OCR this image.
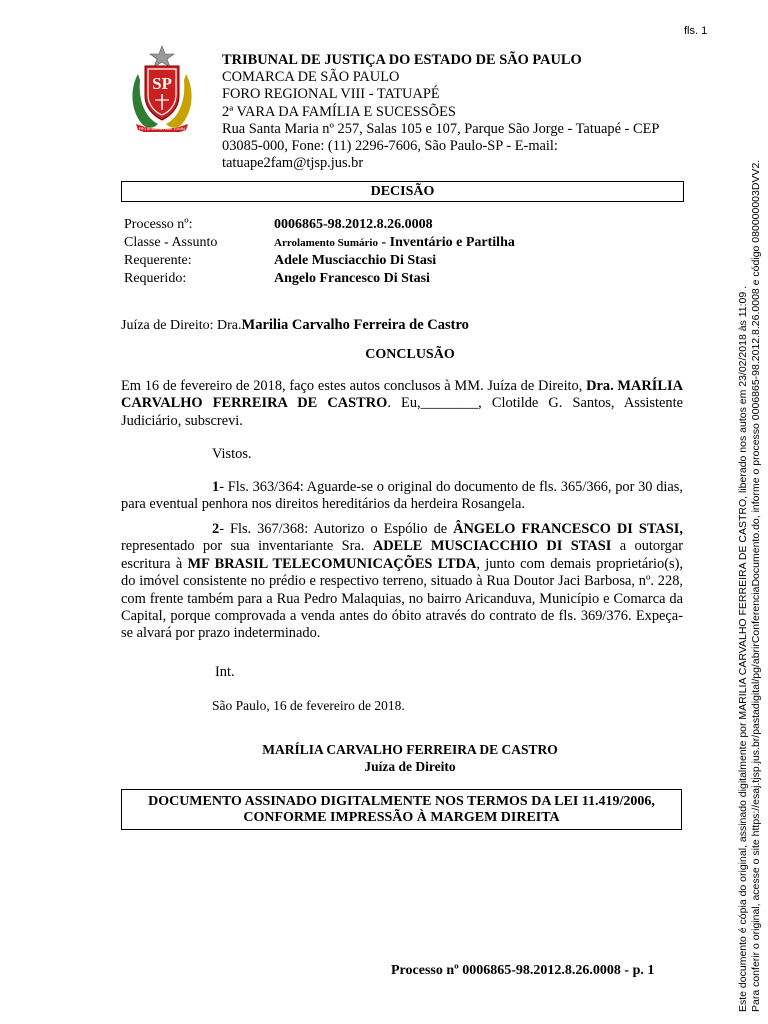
fls. 1
SP
PRO BRASILIA FIANT EXIMIA
TRIBUNAL DE JUSTIÇA DO ESTADO DE SÃO PAULO
COMARCA DE SÃO PAULO
FORO REGIONAL VIII - TATUAPÉ
2ª VARA DA FAMÍLIA E SUCESSÕES
Rua Santa Maria nº 257, Salas 105 e 107, Parque São Jorge - Tatuapé - CEP 03085-000, Fone: (11) 2296-7606, São Paulo-SP - E-mail: tatuape2fam@tjsp.jus.br
DECISÃO
Processo nº:	0006865-98.2012.8.26.0008
Classe - Assunto	Arrolamento Sumário - Inventário e Partilha
Requerente:	Adele Musciacchio Di Stasi
Requerido:	Angelo Francesco Di Stasi
Juíza de Direito: Dra.Marilia Carvalho Ferreira de Castro
CONCLUSÃO
Em 16 de fevereiro de 2018, faço estes autos conclusos à MM. Juíza de Direito, Dra. MARÍLIA CARVALHO FERREIRA DE CASTRO. Eu,________, Clotilde G. Santos, Assistente Judiciário, subscrevi.
Vistos.
1- Fls. 363/364: Aguarde-se o original do documento de fls. 365/366, por 30 dias, para eventual penhora nos direitos hereditários da herdeira Rosangela.
2- Fls. 367/368: Autorizo o Espólio de ÂNGELO FRANCESCO DI STASI, representado por sua inventariante Sra. ADELE MUSCIACCHIO DI STASI a outorgar escritura à MF BRASIL TELECOMUNICAÇÕES LTDA, junto com demais proprietário(s), do imóvel consistente no prédio e respectivo terreno, situado à Rua Doutor Jaci Barbosa, nº. 228, com frente também para a Rua Pedro Malaquias, no bairro Aricanduva, Município e Comarca da Capital, porque comprovada a venda antes do óbito através do contrato de fls. 369/376. Expeça-se alvará por prazo indeterminado.
Int.
São Paulo, 16 de fevereiro de 2018.
MARÍLIA CARVALHO FERREIRA DE CASTRO
Juíza de Direito
DOCUMENTO ASSINADO DIGITALMENTE NOS TERMOS DA LEI 11.419/2006,
CONFORME IMPRESSÃO À MARGEM DIREITA
Processo nº 0006865-98.2012.8.26.0008 - p. 1	Este documento é cópia do original, assinado digitalmente por MARILIA CARVALHO FERREIRA DE CASTRO, liberado nos autos em 23/02/2018 às 11:09 . Para conferir o original, acesse o site https://esaj.tjsp.jus.br/pastadigital/pg/abrirConferenciaDocumento.do, informe o processo 0006865-98.2012.8.26.0008 e código 080000003DVV2.
